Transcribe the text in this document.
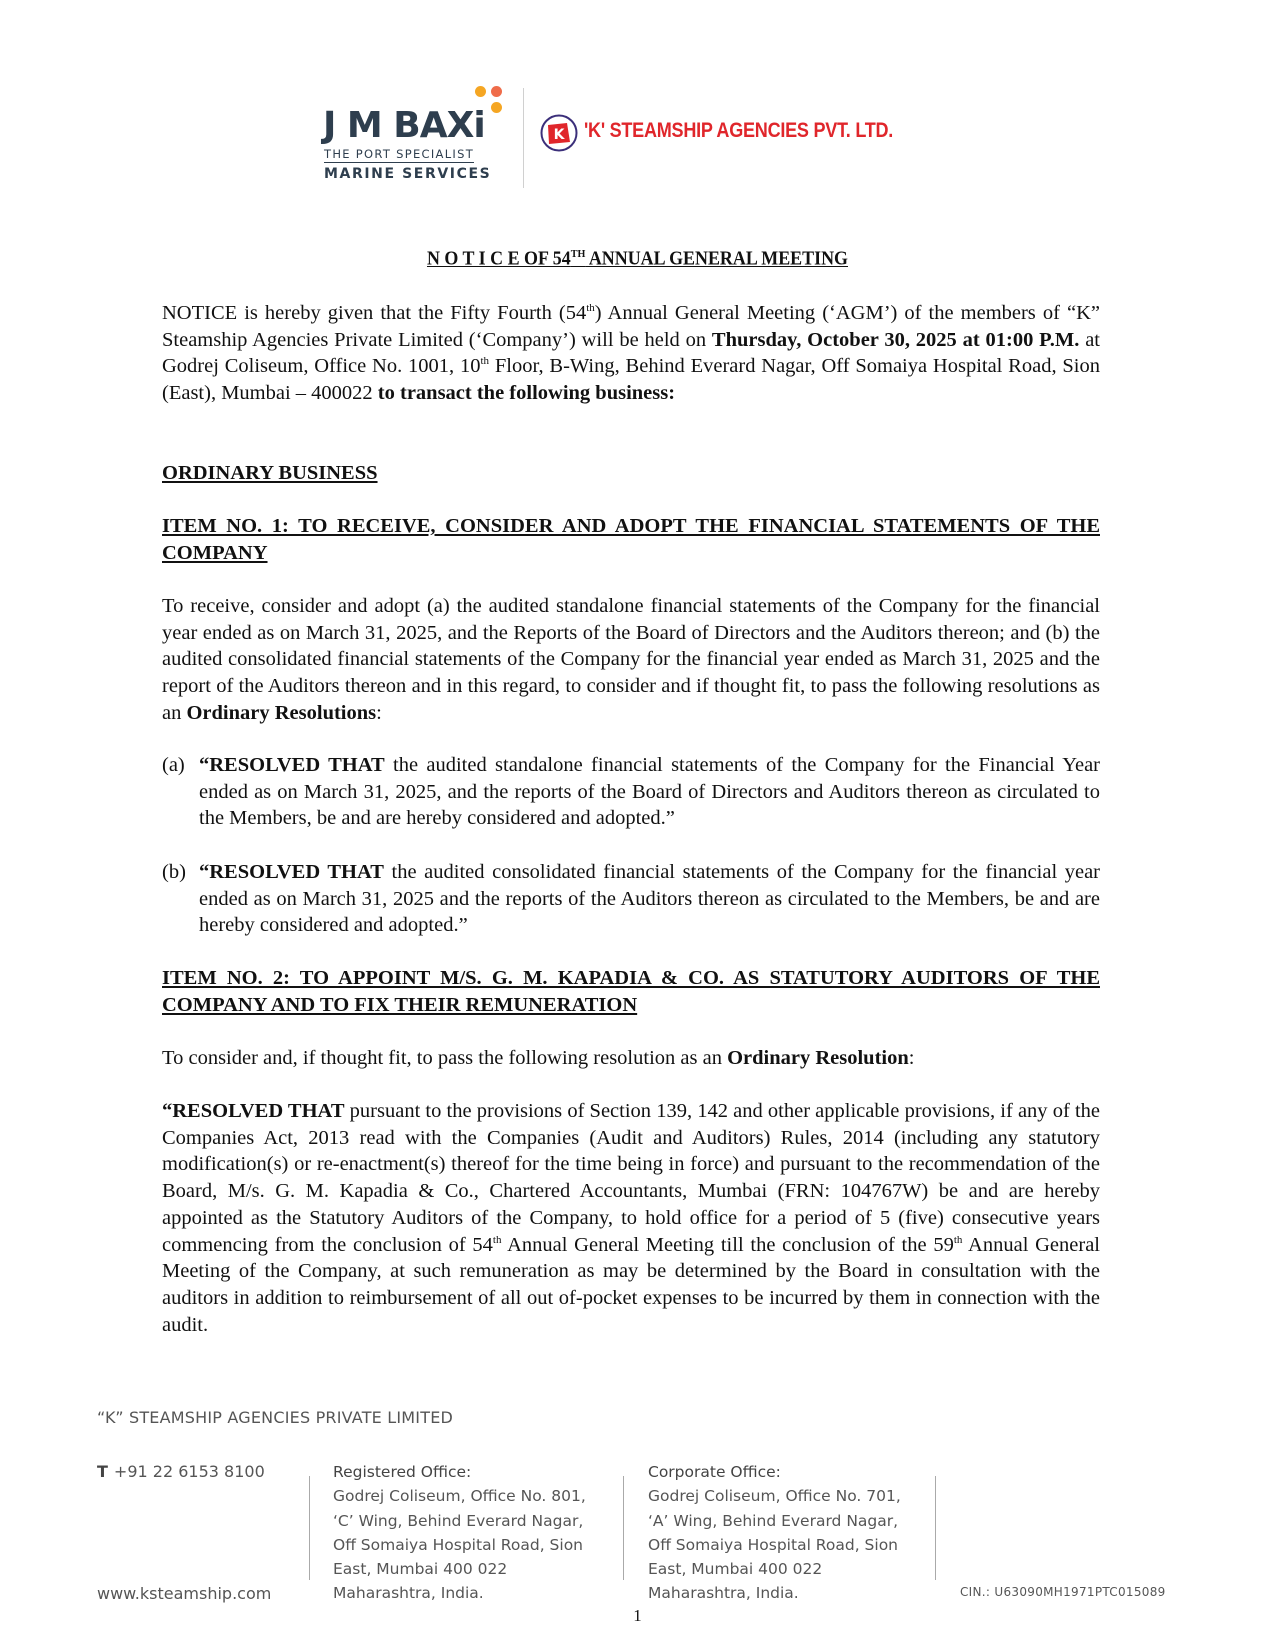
J M BAXi
THE PORT SPECIALIST
MARINE SERVICES
K 'K' STEAMSHIP AGENCIES PVT. LTD.
N O T I C E OF 54TH ANNUAL GENERAL MEETING
NOTICE is hereby given that the Fifty Fourth (54th) Annual General Meeting (‘AGM’) of the members of “K” Steamship Agencies Private Limited (‘Company’) will be held on Thursday, October 30, 2025 at 01:00 P.M. at Godrej Coliseum, Office No. 1001, 10th Floor, B-Wing, Behind Everard Nagar, Off Somaiya Hospital Road, Sion (East), Mumbai – 400022 to transact the following business:
ORDINARY BUSINESS
ITEM NO. 1: TO RECEIVE, CONSIDER AND ADOPT THE FINANCIAL STATEMENTS OF THE COMPANY
To receive, consider and adopt (a) the audited standalone financial statements of the Company for the financial year ended as on March 31, 2025, and the Reports of the Board of Directors and the Auditors thereon; and (b) the audited consolidated financial statements of the Company for the financial year ended as March 31, 2025 and the report of the Auditors thereon and in this regard, to consider and if thought fit, to pass the following resolutions as an Ordinary Resolutions:
(a) “RESOLVED THAT the audited standalone financial statements of the Company for the Financial Year ended as on March 31, 2025, and the reports of the Board of Directors and Auditors thereon as circulated to the Members, be and are hereby considered and adopted.”
(b) “RESOLVED THAT the audited consolidated financial statements of the Company for the financial year ended as on March 31, 2025 and the reports of the Auditors thereon as circulated to the Members, be and are hereby considered and adopted.”
ITEM NO. 2: TO APPOINT M/S. G. M. KAPADIA & CO. AS STATUTORY AUDITORS OF THE COMPANY AND TO FIX THEIR REMUNERATION
To consider and, if thought fit, to pass the following resolution as an Ordinary Resolution:
“RESOLVED THAT pursuant to the provisions of Section 139, 142 and other applicable provisions, if any of the Companies Act, 2013 read with the Companies (Audit and Auditors) Rules, 2014 (including any statutory modification(s) or re-enactment(s) thereof for the time being in force) and pursuant to the recommendation of the Board, M/s. G. M. Kapadia & Co., Chartered Accountants, Mumbai (FRN: 104767W) be and are hereby appointed as the Statutory Auditors of the Company, to hold office for a period of 5 (five) consecutive years commencing from the conclusion of 54th Annual General Meeting till the conclusion of the 59th Annual General Meeting of the Company, at such remuneration as may be determined by the Board in consultation with the auditors in addition to reimbursement of all out of-pocket expenses to be incurred by them in connection with the audit.
“K” STEAMSHIP AGENCIES PRIVATE LIMITED
T +91 22 6153 8100
www.ksteamship.com
Registered Office:
Godrej Coliseum, Office No. 801,
‘C’ Wing, Behind Everard Nagar,
Off Somaiya Hospital Road, Sion
East, Mumbai 400 022
Maharashtra, India.
Corporate Office:
Godrej Coliseum, Office No. 701,
‘A’ Wing, Behind Everard Nagar,
Off Somaiya Hospital Road, Sion
East, Mumbai 400 022
Maharashtra, India.	CIN.: U63090MH1971PTC015089
1
